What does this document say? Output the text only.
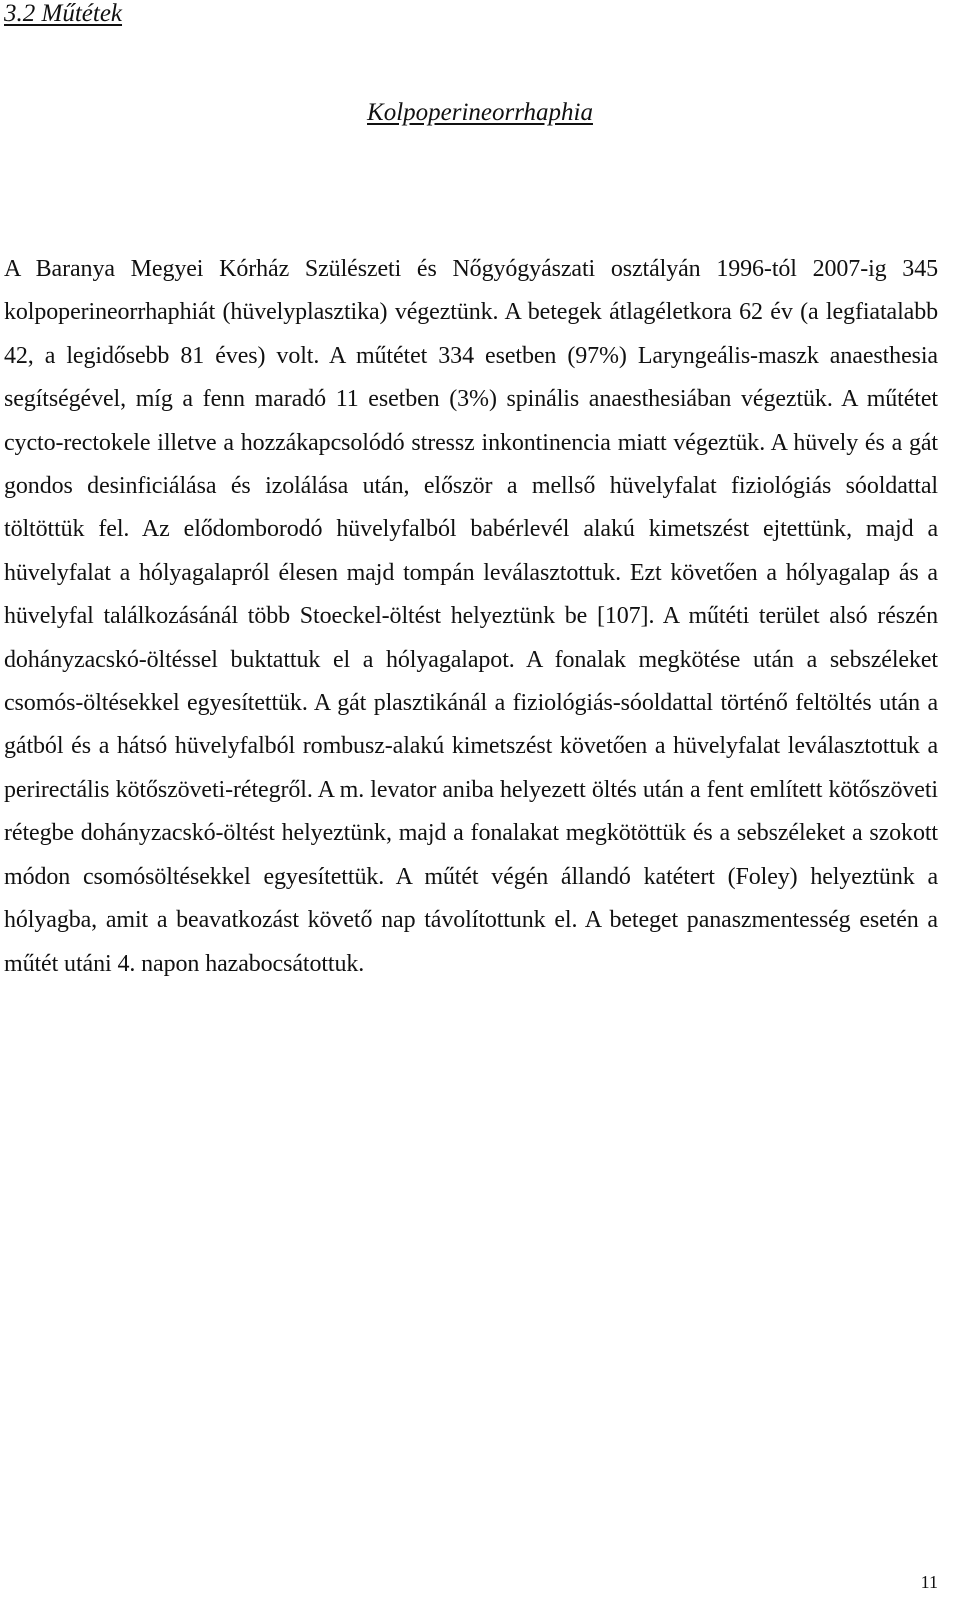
3.2 Műtétek
Kolpoperineorrhaphia

A Baranya Megyei Kórház Szülészeti és Nőgyógyászati osztályán 1996-tól 2007-ig 345 kolpoperineorrhaphiát (hüvelyplasztika) végeztünk. A betegek átlagéletkora 62 év (a legfiatalabb 42, a legidősebb 81 éves) volt. A műtétet 334 esetben (97%) Laryngeális-maszk anaesthesia segítségével, míg a fenn maradó 11 esetben (3%) spinális anaesthesiában végeztük. A műtétet cycto-rectokele illetve a hozzákapcsolódó stressz inkontinencia miatt végeztük. A hüvely és a gát gondos desinficiálása és izolálása után, először a mellső hüvelyfalat fiziológiás sóoldattal töltöttük fel. Az elődomborodó hüvelyfalból babérlevél alakú kimetszést ejtettünk, majd a hüvelyfalat a hólyagalapról élesen majd tompán leválasztottuk. Ezt követően a hólyagalap ás a hüvelyfal találkozásánál több Stoeckel-öltést helyeztünk be [107]. A műtéti terület alsó részén dohányzacskó-öltéssel buktattuk el a hólyagalapot. A fonalak megkötése után a sebszéleket csomós-öltésekkel egyesítettük. A gát plasztikánál a fiziológiás-sóoldattal történő feltöltés után a gátból és a hátsó hüvelyfalból rombusz-alakú kimetszést követően a hüvelyfalat leválasztottuk a perirectális kötőszöveti-rétegről. A m. levator aniba helyezett öltés után a fent említett kötőszöveti rétegbe dohányzacskó-öltést helyeztünk, majd a fonalakat megkötöttük és a sebszéleket a szokott módon csomósöltésekkel egyesítettük. A műtét végén állandó katétert (Foley) helyeztünk a hólyagba, amit a beavatkozást követő nap távolítottunk el. A beteget panaszmentesség esetén a műtét utáni 4. napon hazabocsátottuk.

11
